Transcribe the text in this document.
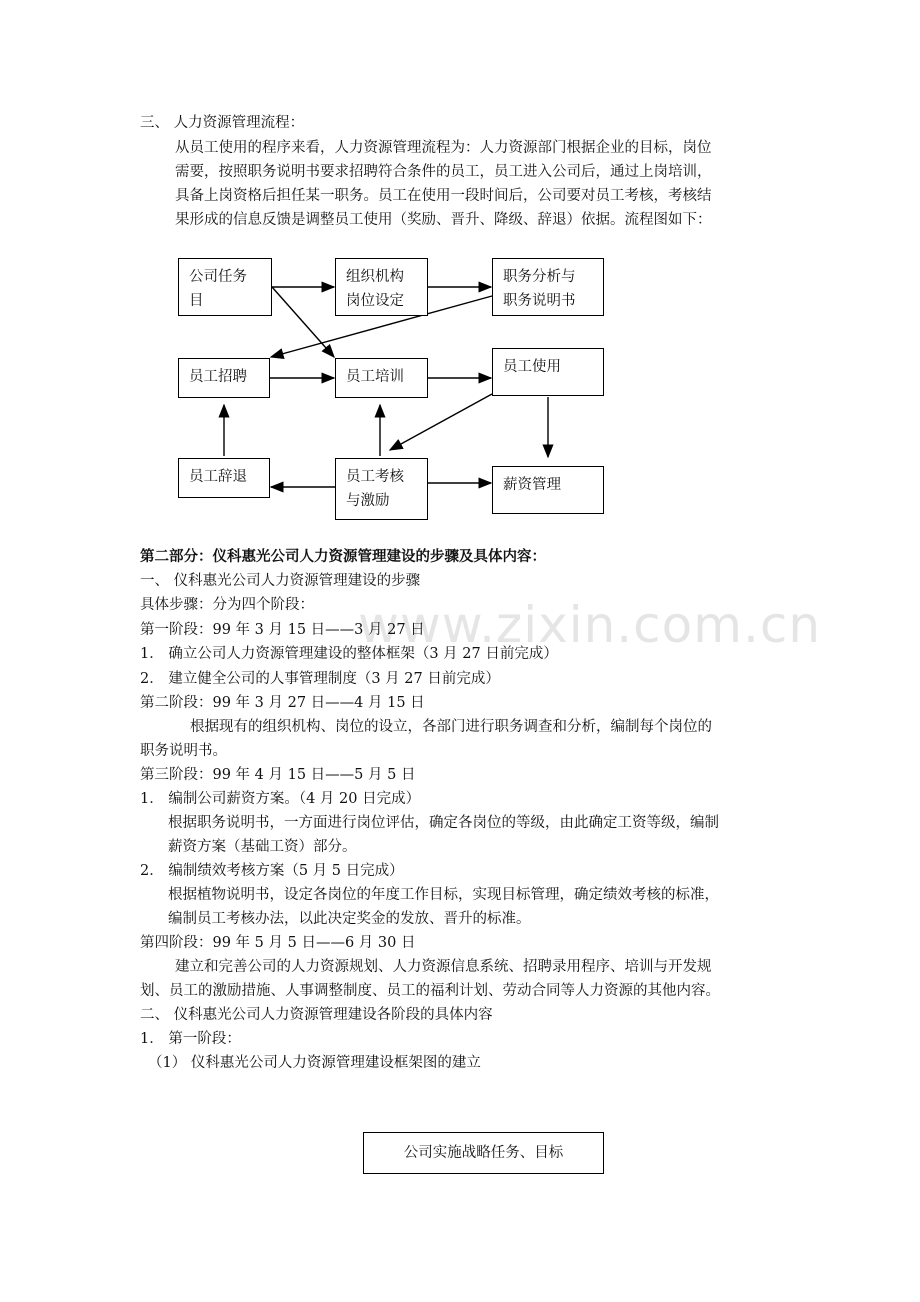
www.zixin.com.cn
三、 人力资源管理流程：
从员工使用的程序来看，人力资源管理流程为：人力资源部门根据企业的目标，岗位
需要，按照职务说明书要求招聘符合条件的员工，员工进入公司后，通过上岗培训，
具备上岗资格后担任某一职务。员工在使用一段时间后，公司要对员工考核，考核结
果形成的信息反馈是调整员工使用（奖励、晋升、降级、辞退）依据。流程图如下：
公司任务
目
组织机构
岗位设定
职务分析与
职务说明书
员工招聘	员工培训
员工使用
员工辞退	员工考核
与激励
薪资管理
第二部分：仪科惠光公司人力资源管理建设的步骤及具体内容：
一、 仪科惠光公司人力资源管理建设的步骤
具体步骤：分为四个阶段：
第一阶段：99 年 3 月 15 日——3 月 27 日
1． 确立公司人力资源管理建设的整体框架（3 月 27 日前完成）
2． 建立健全公司的人事管理制度（3 月 27 日前完成）
第二阶段：99 年 3 月 27 日——4 月 15 日
根据现有的组织机构、岗位的设立，各部门进行职务调查和分析，编制每个岗位的
职务说明书。
第三阶段：99 年 4 月 15 日——5 月 5 日
1． 编制公司薪资方案。（4 月 20 日完成）
根据职务说明书，一方面进行岗位评估，确定各岗位的等级，由此确定工资等级，编制
薪资方案（基础工资）部分。
2． 编制绩效考核方案（5 月 5 日完成）
根据植物说明书，设定各岗位的年度工作目标，实现目标管理，确定绩效考核的标准，
编制员工考核办法，以此决定奖金的发放、晋升的标准。
第四阶段：99 年 5 月 5 日——6 月 30 日
建立和完善公司的人力资源规划、人力资源信息系统、招聘录用程序、培训与开发规
划、员工的激励措施、人事调整制度、员工的福利计划、劳动合同等人力资源的其他内容。
二、 仪科惠光公司人力资源管理建设各阶段的具体内容
1． 第一阶段：
（1） 仪科惠光公司人力资源管理建设框架图的建立
公司实施战略任务、目标
